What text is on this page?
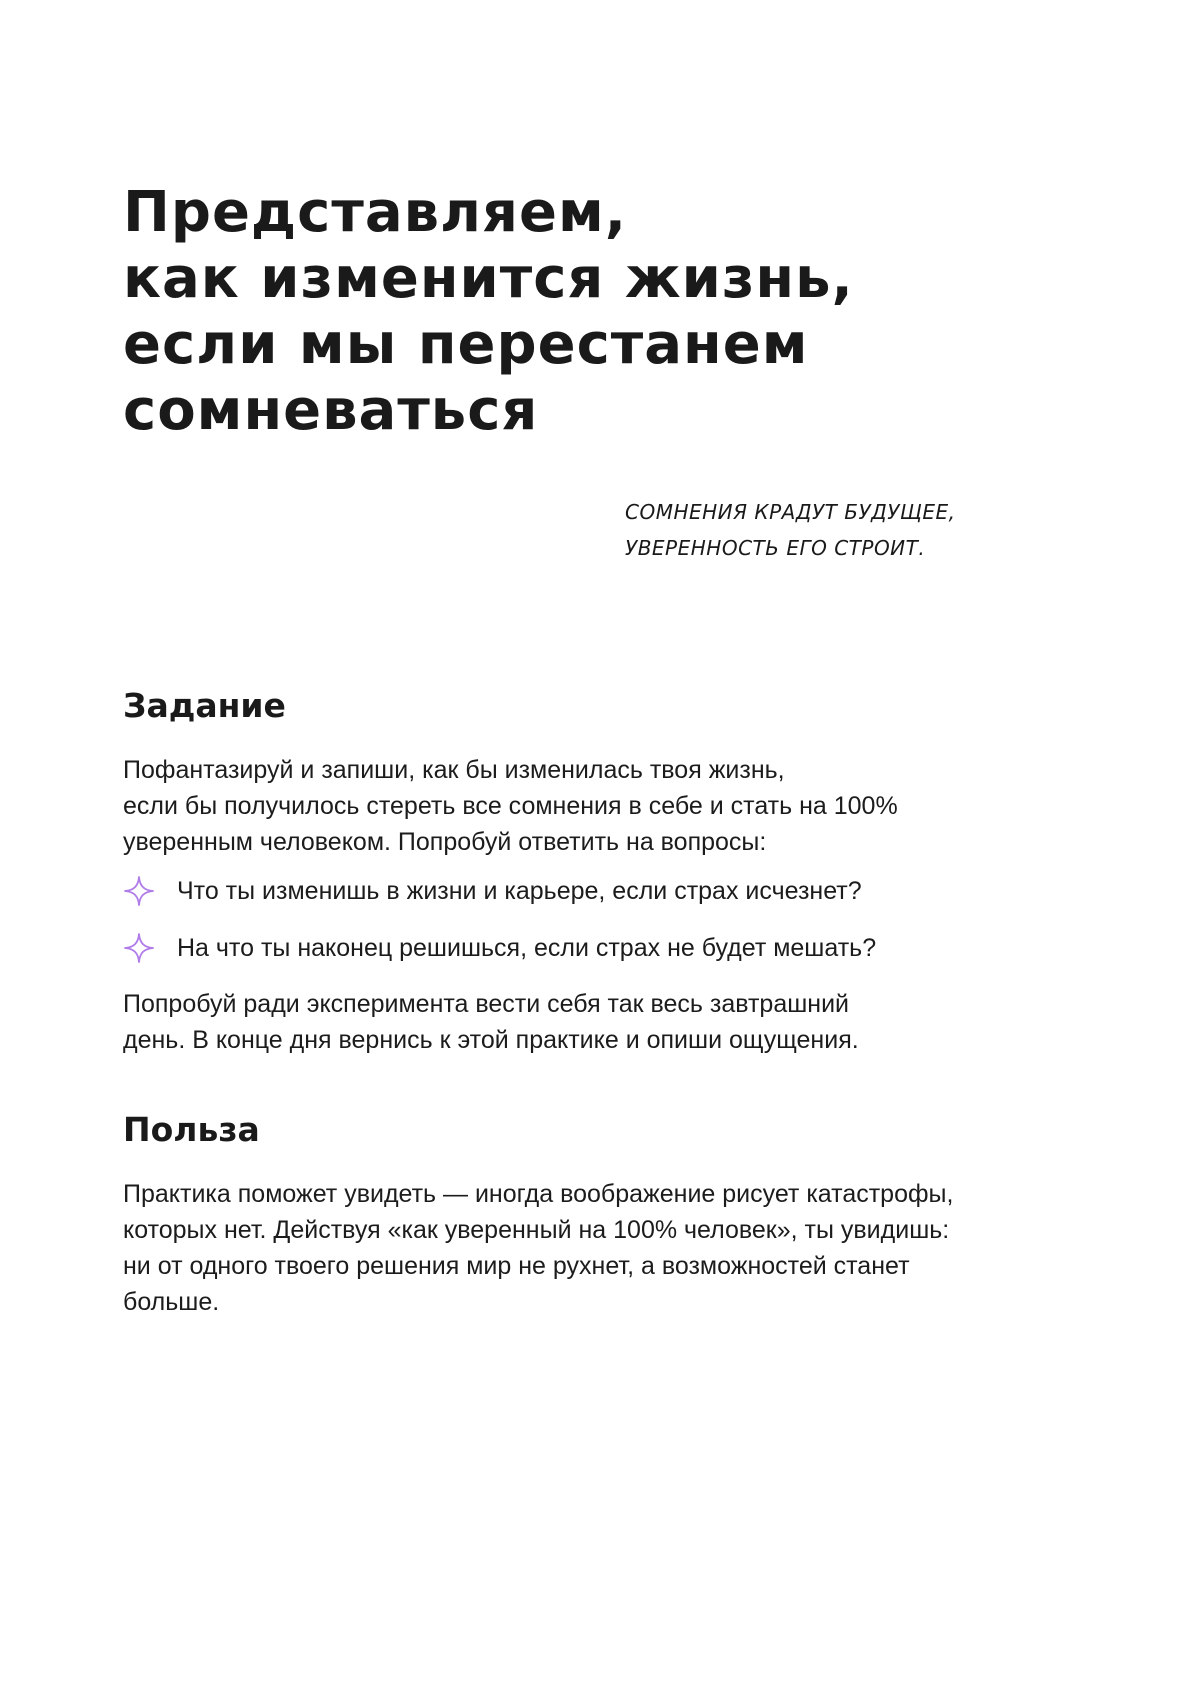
Представляем,
как изменится жизнь,
если мы перестанем
сомневаться
СОМНЕНИЯ КРАДУТ БУДУЩЕЕ,
УВЕРЕННОСТЬ ЕГО СТРОИТ.
Задание
Пофантазируй и запиши, как бы изменилась твоя жизнь,
если бы получилось стереть все сомнения в себе и стать на 100%
уверенным человеком. Попробуй ответить на вопросы:
Что ты изменишь в жизни и карьере, если страх исчезнет?
На что ты наконец решишься, если страх не будет мешать?
Попробуй ради эксперимента вести себя так весь завтрашний
день. В конце дня вернись к этой практике и опиши ощущения.
Польза
Практика поможет увидеть — иногда воображение рисует катастрофы,
которых нет. Действуя «как уверенный на 100% человек», ты увидишь:
ни от одного твоего решения мир не рухнет, а возможностей станет
больше.
